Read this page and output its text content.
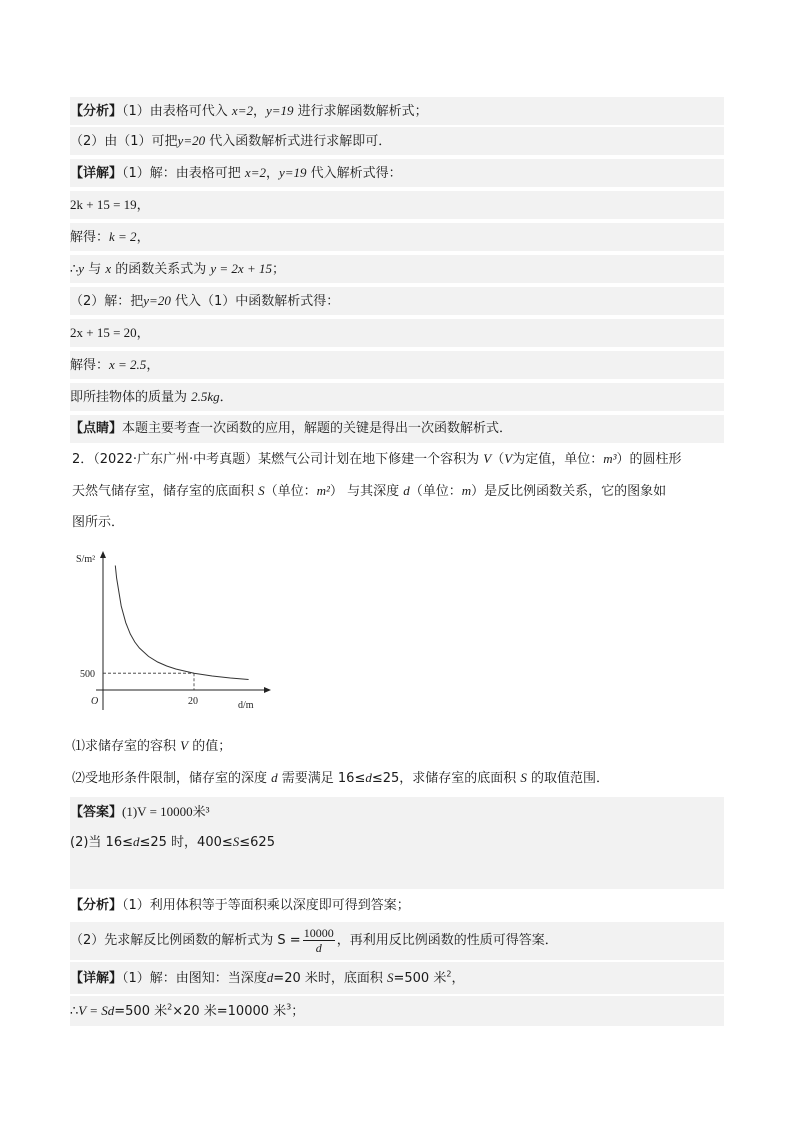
【分析】（1）由表格可代入 x=2，y=19 进行求解函数解析式；
（2）由（1）可把y=20 代入函数解析式进行求解即可．
【详解】（1）解：由表格可把 x=2，y=19 代入解析式得：
2k + 15 = 19，
解得：k = 2，
∴y 与 x 的函数关系式为 y = 2x + 15；
（2）解：把y=20 代入（1）中函数解析式得：
2x + 15 = 20，
解得：x = 2.5，
即所挂物体的质量为 2.5kg．
【点睛】本题主要考查一次函数的应用，解题的关键是得出一次函数解析式．
2．（2022·广东广州·中考真题）某燃气公司计划在地下修建一个容积为 V（V为定值，单位：m³）的圆柱形
天然气储存室，储存室的底面积 S（单位：m²） 与其深度 d（单位：m）是反比例函数关系，它的图象如
图所示．
S/m²
d/m
O
500
20
⑴求储存室的容积 V 的值；
⑵受地形条件限制，储存室的深度 d 需要满足 16≤d≤25，求储存室的底面积 S 的取值范围．
【答案】(1)V = 10000米³
(2)当 16≤d≤25 时，400≤S≤625
【分析】（1）利用体积等于等面积乘以深度即可得到答案；
（2）先求解反比例函数的解析式为 $S = \frac{10000}{d}$ ，再利用反比例函数的性质可得答案．
【详解】（1）解：由图知：当深度d=20 米时，底面积 S=500 米$^2$，
∴V = Sd=500 米$^2$×20 米=10000 米$^3$；
